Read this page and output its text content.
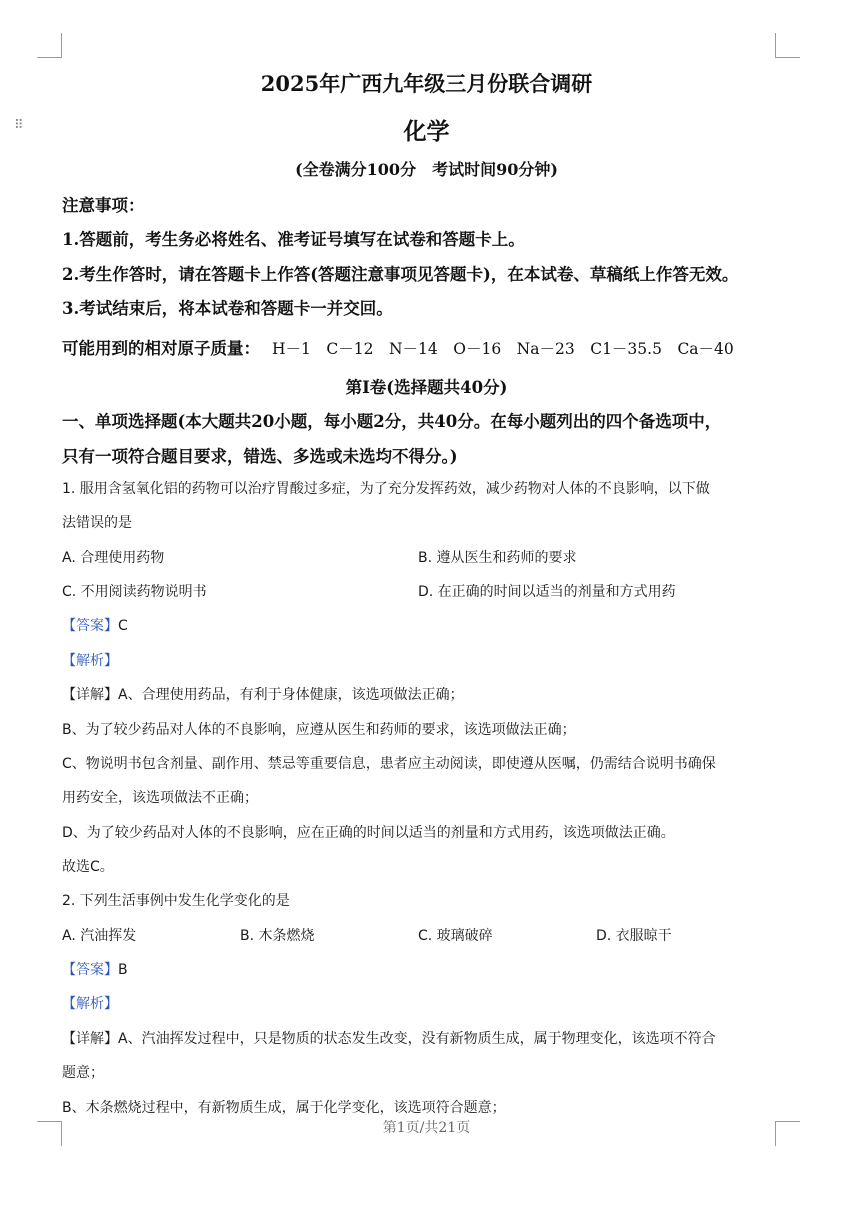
⠿
2025年广西九年级三月份联合调研
化学
(全卷满分100分　考试时间90分钟)
注意事项：
1.答题前，考生务必将姓名、准考证号填写在试卷和答题卡上。
2.考生作答时，请在答题卡上作答(答题注意事项见答题卡)，在本试卷、草稿纸上作答无效。
3.考试结束后，将本试卷和答题卡一并交回。
可能用到的相对原子质量： H－1　C－12　N－14　O－16　Na－23　C1－35.5　Ca－40
第Ⅰ卷(选择题共40分)
一、单项选择题(本大题共20小题，每小题2分，共40分。在每小题列出的四个备选项中，
只有一项符合题目要求，错选、多选或未选均不得分。)
1. 服用含氢氧化铝的药物可以治疗胃酸过多症，为了充分发挥药效，减少药物对人体的不良影响，以下做
法错误的是
A. 合理使用药物	B. 遵从医生和药师的要求
C. 不用阅读药物说明书	D. 在正确的时间以适当的剂量和方式用药
【答案】C
【解析】
【详解】A、合理使用药品，有利于身体健康，该选项做法正确；
B、为了较少药品对人体的不良影响，应遵从医生和药师的要求，该选项做法正确；
C、物说明书包含剂量、副作用、禁忌等重要信息，患者应主动阅读，即使遵从医嘱，仍需结合说明书确保
用药安全，该选项做法不正确；
D、为了较少药品对人体的不良影响，应在正确的时间以适当的剂量和方式用药，该选项做法正确。
故选C。
2. 下列生活事例中发生化学变化的是
A. 汽油挥发	B. 木条燃烧	C. 玻璃破碎	D. 衣服晾干
【答案】B
【解析】
【详解】A、汽油挥发过程中，只是物质的状态发生改变，没有新物质生成，属于物理变化，该选项不符合
题意；
B、木条燃烧过程中，有新物质生成，属于化学变化，该选项符合题意；
第1页/共21页
